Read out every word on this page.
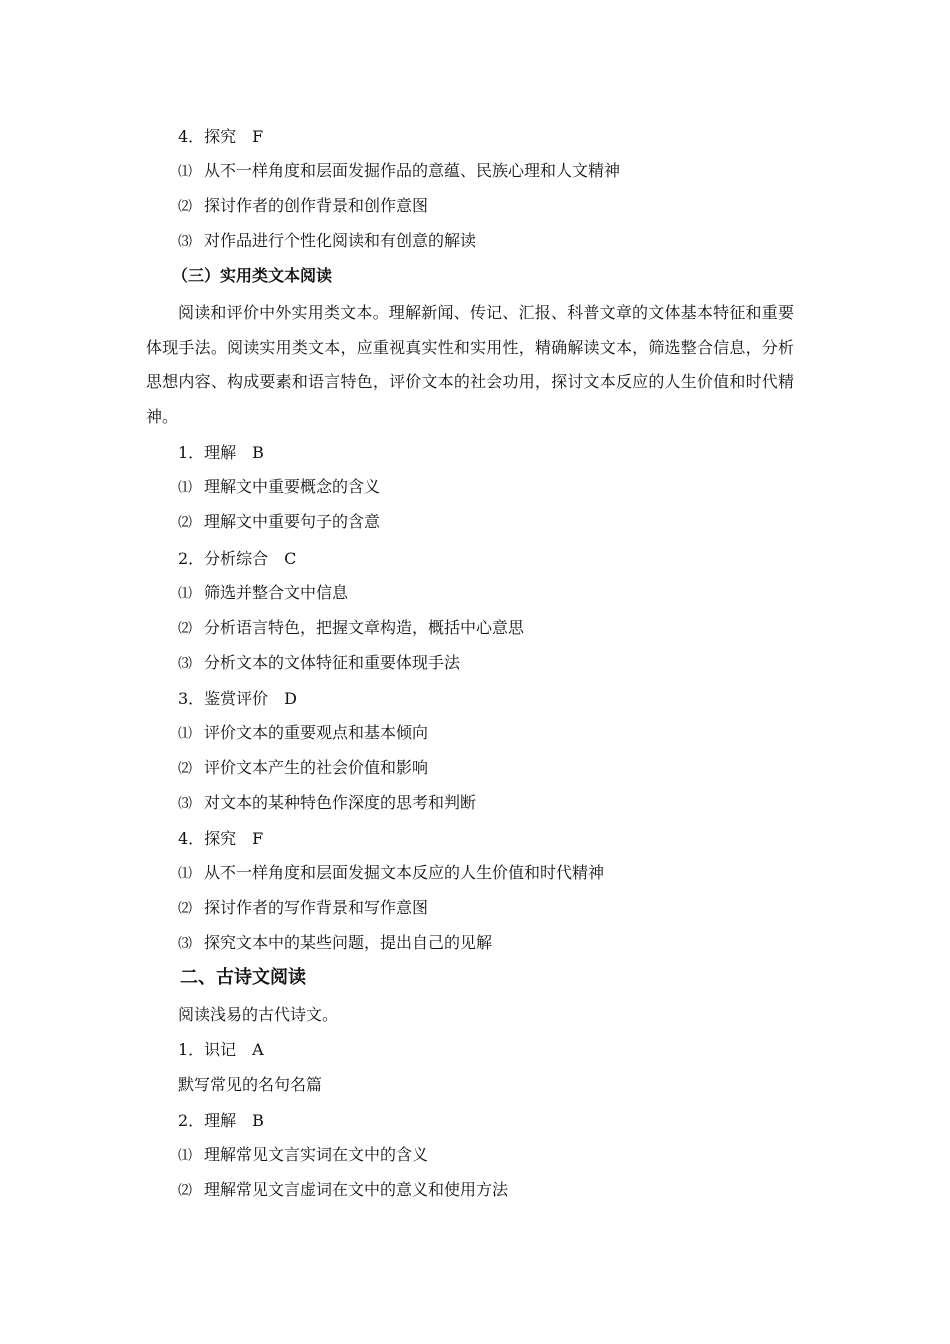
4．探究　F
⑴ 从不一样角度和层面发掘作品的意蕴、民族心理和人文精神
⑵ 探讨作者的创作背景和创作意图
⑶ 对作品进行个性化阅读和有创意的解读
（三）实用类文本阅读
阅读和评价中外实用类文本。理解新闻、传记、汇报、科普文章的文体基本特征和重要体现手法。阅读实用类文本，应重视真实性和实用性，精确解读文本，筛选整合信息，分析思想内容、构成要素和语言特色，评价文本的社会功用，探讨文本反应的人生价值和时代精神。
1．理解　B
⑴ 理解文中重要概念的含义
⑵ 理解文中重要句子的含意
2．分析综合　C
⑴ 筛选并整合文中信息
⑵ 分析语言特色，把握文章构造，概括中心意思
⑶ 分析文本的文体特征和重要体现手法
3．鉴赏评价　D
⑴ 评价文本的重要观点和基本倾向
⑵ 评价文本产生的社会价值和影响
⑶ 对文本的某种特色作深度的思考和判断
4．探究　F
⑴ 从不一样角度和层面发掘文本反应的人生价值和时代精神
⑵ 探讨作者的写作背景和写作意图
⑶ 探究文本中的某些问题，提出自己的见解
二、古诗文阅读
阅读浅易的古代诗文。
1．识记　A
默写常见的名句名篇
2．理解　B
⑴ 理解常见文言实词在文中的含义
⑵ 理解常见文言虚词在文中的意义和使用方法
